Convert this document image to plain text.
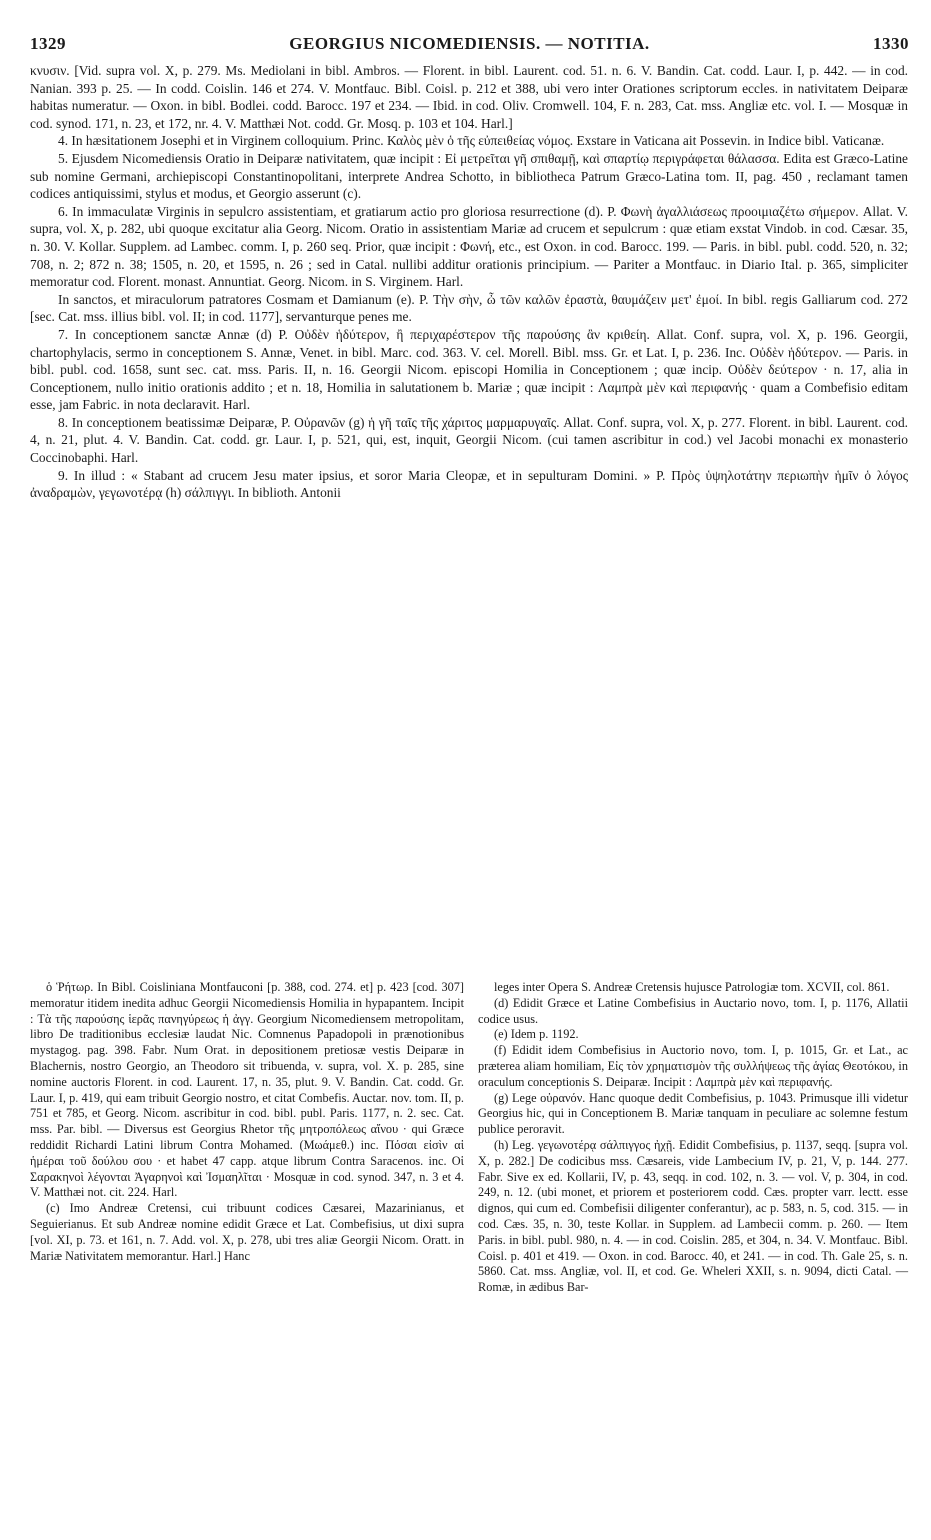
1329	GEORGIUS NICOMEDIENSIS. — NOTITIA.	1330

κνυσιν. [Vid. supra vol. X, p. 279. Ms. Mediolani in bibl. Ambros. — Florent. in bibl. Laurent. cod. 51. n. 6. V. Bandin. Cat. codd. Laur. I, p. 442. — in cod. Nanian. 393 p. 25. — In codd. Coislin. 146 et 274. V. Montfauc. Bibl. Coisl. p. 212 et 388, ubi vero inter Orationes scriptorum eccles. in nativitatem Deiparæ habitas numeratur. — Oxon. in bibl. Bodlei. codd. Barocc. 197 et 234. — Ibid. in cod. Oliv. Cromwell. 104, F. n. 283, Cat. mss. Angliæ etc. vol. I. — Mosquæ in cod. synod. 171, n. 23, et 172, nr. 4. V. Matthæi Not. codd. Gr. Mosq. p. 103 et 104. Harl.]

4. In hæsitationem Josephi et in Virginem colloquium. Princ. Καλὸς μὲν ὁ τῆς εὐπειθείας νόμος. Exstare in Vaticana ait Possevin. in Indice bibl. Vaticanæ.

5. Ejusdem Nicomediensis Oratio in Deiparæ nativitatem, quæ incipit : Εἰ μετρεῖται γῆ σπιθαμῇ, καὶ σπαρτίῳ περιγράφεται θάλασσα. Edita est Græco-Latine sub nomine Germani, archiepiscopi Constantinopolitani, interprete Andrea Schotto, in bibliotheca Patrum Græco-Latina tom. II, pag. 450 , reclamant tamen codices antiquissimi, stylus et modus, et Georgio asserunt (c).

6. In immaculatæ Virginis in sepulcro assistentiam, et gratiarum actio pro gloriosa resurrectione (d). P. Φωνὴ ἀγαλλιάσεως προοιμιαζέτω σήμερον. Allat. V. supra, vol. X, p. 282, ubi quoque excitatur alia Georg. Nicom. Oratio in assistentiam Mariæ ad crucem et sepulcrum : quæ etiam exstat Vindob. in cod. Cæsar. 35, n. 30. V. Kollar. Supplem. ad Lambec. comm. I, p. 260 seq. Prior, quæ incipit : Φωνή, etc., est Oxon. in cod. Barocc. 199. — Paris. in bibl. publ. codd. 520, n. 32; 708, n. 2; 872 n. 38; 1505, n. 20, et 1595, n. 26 ; sed in Catal. nullibi additur orationis principium. — Pariter a Montfauc. in Diario Ital. p. 365, simpliciter memoratur cod. Florent. monast. Annuntiat. Georg. Nicom. in S. Virginem. Harl.

In sanctos, et miraculorum patratores Cosmam et Damianum (e). P. Τὴν σὴν, ὦ τῶν καλῶν ἐραστὰ, θαυμάζειν μετ' ἐμοί. In bibl. regis Galliarum cod. 272 [sec. Cat. mss. illius bibl. vol. II; in cod. 1177], servanturque penes me.

7. In conceptionem sanctæ Annæ (d) P. Οὐδὲν ἡδύτερον, ἢ περιχαρέστερον τῆς παρούσης ἂν κριθείη. Allat. Conf. supra, vol. X, p. 196. Georgii, chartophylacis, sermo in conceptionem S. Annæ, Venet. in bibl. Marc. cod. 363. V. cel. Morell. Bibl. mss. Gr. et Lat. I, p. 236. Inc. Οὐδὲν ἡδύτερον. — Paris. in bibl. publ. cod. 1658, sunt sec. cat. mss. Paris. II, n. 16. Georgii Nicom. episcopi Homilia in Conceptionem ; quæ incip. Οὐδὲν δεύτερον · n. 17, alia in Conceptionem, nullo initio orationis addito ; et n. 18, Homilia in salutationem b. Mariæ ; quæ incipit : Λαμπρὰ μὲν καὶ περιφανής · quam a Combefisio editam esse, jam Fabric. in nota declaravit. Harl.

8. In conceptionem beatissimæ Deiparæ, P. Οὐρανῶν (g) ἡ γῆ ταῖς τῆς χάριτος μαρμαρυγαῖς. Allat. Conf. supra, vol. X, p. 277. Florent. in bibl. Laurent. cod. 4, n. 21, plut. 4. V. Bandin. Cat. codd. gr. Laur. I, p. 521, qui, est, inquit, Georgii Nicom. (cui tamen ascribitur in cod.) vel Jacobi monachi ex monasterio Coccinobaphi. Harl.

9. In illud : « Stabant ad crucem Jesu mater ipsius, et soror Maria Cleopæ, et in sepulturam Domini. » P. Πρὸς ὑψηλοτάτην περιωπὴν ἡμῖν ὁ λόγος ἀναδραμὼν, γεγωνοτέρᾳ (h) σάλπιγγι. In biblioth. Antonii

ὁ Ῥήτωρ. In Bibl. Coisliniana Montfauconi [p. 388, cod. 274. et] p. 423 [cod. 307] memoratur itidem inedita adhuc Georgii Nicomediensis Homilia in hypapantem. Incipit : Τὰ τῆς παρούσης ἱερᾶς πανηγύρεως ἡ ἀγγ. Georgium Nicomediensem metropolitam, libro De traditionibus ecclesiæ laudat Nic. Comnenus Papadopoli in prænotionibus mystagog. pag. 398. Fabr. Num Orat. in depositionem pretiosæ vestis Deiparæ in Blachernis, nostro Georgio, an Theodoro sit tribuenda, v. supra, vol. X. p. 285, sine nomine auctoris Florent. in cod. Laurent. 17, n. 35, plut. 9. V. Bandin. Cat. codd. Gr. Laur. I, p. 419, qui eam tribuit Georgio nostro, et citat Combefis. Auctar. nov. tom. II, p. 751 et 785, et Georg. Nicom. ascribitur in cod. bibl. publ. Paris. 1177, n. 2. sec. Cat. mss. Par. bibl. — Diversus est Georgius Rhetor τῆς μητροπόλεως αἴνου · qui Græce reddidit Richardi Latini librum Contra Mohamed. (Μωάμεθ.) inc. Πόσαι εἰσὶν αἱ ἡμέραι τοῦ δούλου σου · et habet 47 capp. atque librum Contra Saracenos. inc. Οἱ Σαρακηνοὶ λέγονται Ἀγαρηνοὶ καὶ Ἰσμαηλῖται · Mosquæ in cod. synod. 347, n. 3 et 4. V. Matthæi not. cit. 224. Harl.

(c) Imo Andreæ Cretensi, cui tribuunt codices Cæsarei, Mazarinianus, et Seguierianus. Et sub Andreæ nomine edidit Græce et Lat. Combefisius, ut dixi supra [vol. XI, p. 73. et 161, n. 7. Add. vol. X, p. 278, ubi tres aliæ Georgii Nicom. Oratt. in Mariæ Nativitatem memorantur. Harl.] Hanc

leges inter Opera S. Andreæ Cretensis hujusce Patrologiæ tom. XCVII, col. 861.

(d) Edidit Græce et Latine Combefisius in Auctario novo, tom. I, p. 1176, Allatii codice usus.

(e) Idem p. 1192.

(f) Edidit idem Combefisius in Auctorio novo, tom. I, p. 1015, Gr. et Lat., ac præterea aliam homiliam, Εἰς τὸν χρηματισμὸν τῆς συλλήψεως τῆς ἁγίας Θεοτόκου, in oraculum conceptionis S. Deiparæ. Incipit : Λαμπρὰ μὲν καὶ περιφανής.

(g) Lege οὐρανόν. Hanc quoque dedit Combefisius, p. 1043. Primusque illi videtur Georgius hic, qui in Conceptionem B. Mariæ tanquam in peculiare ac solemne festum publice peroravit.

(h) Leg. γεγωνοτέρᾳ σάλπιγγος ἠχῇ. Edidit Combefisius, p. 1137, seqq. [supra vol. X, p. 282.] De codicibus mss. Cæsareis, vide Lambecium IV, p. 21, V, p. 144. 277. Fabr. Sive ex ed. Kollarii, IV, p. 43, seqq. in cod. 102, n. 3. — vol. V, p. 304, in cod. 249, n. 12. (ubi monet, et priorem et posteriorem codd. Cæs. propter varr. lectt. esse dignos, qui cum ed. Combefisii diligenter conferantur), ac p. 583, n. 5, cod. 315. — in cod. Cæs. 35, n. 30, teste Kollar. in Supplem. ad Lambecii comm. p. 260. — Item Paris. in bibl. publ. 980, n. 4. — in cod. Coislin. 285, et 304, n. 34. V. Montfauc. Bibl. Coisl. p. 401 et 419. — Oxon. in cod. Barocc. 40, et 241. — in cod. Th. Gale 25, s. n. 5860. Cat. mss. Angliæ, vol. II, et cod. Ge. Wheleri XXII, s. n. 9094, dicti Catal. — Romæ, in ædibus Bar-
